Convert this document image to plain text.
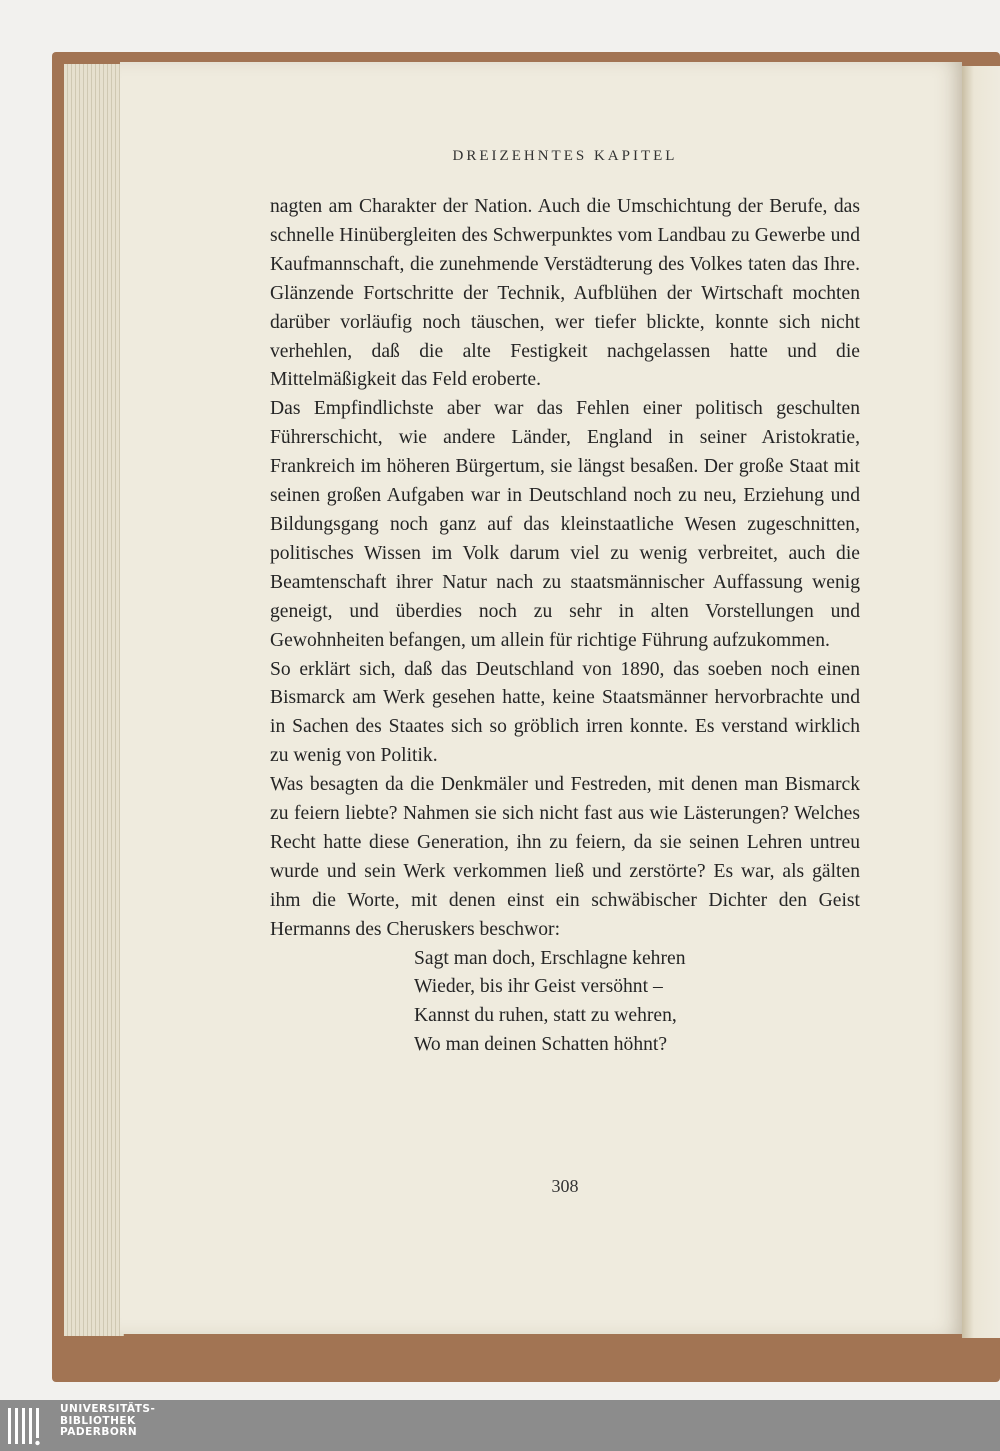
DREIZEHNTES KAPITEL

nagten am Charakter der Nation. Auch die Umschichtung der Berufe, das schnelle Hinübergleiten des Schwerpunktes vom Landbau zu Gewerbe und Kaufmannschaft, die zunehmende Verstädterung des Volkes taten das Ihre. Glänzende Fortschritte der Technik, Aufblühen der Wirtschaft mochten darüber vorläufig noch täuschen, wer tiefer blickte, konnte sich nicht verhehlen, daß die alte Festigkeit nachgelassen hatte und die Mittelmäßigkeit das Feld eroberte.

Das Empfindlichste aber war das Fehlen einer politisch geschulten Führerschicht, wie andere Länder, England in seiner Aristokratie, Frankreich im höheren Bürgertum, sie längst besaßen. Der große Staat mit seinen großen Aufgaben war in Deutschland noch zu neu, Erziehung und Bildungsgang noch ganz auf das kleinstaatliche Wesen zugeschnitten, politisches Wissen im Volk darum viel zu wenig verbreitet, auch die Beamtenschaft ihrer Natur nach zu staatsmännischer Auffassung wenig geneigt, und überdies noch zu sehr in alten Vorstellungen und Gewohnheiten befangen, um allein für richtige Führung aufzukommen.

So erklärt sich, daß das Deutschland von 1890, das soeben noch einen Bismarck am Werk gesehen hatte, keine Staatsmänner hervorbrachte und in Sachen des Staates sich so gröblich irren konnte. Es verstand wirklich zu wenig von Politik.

Was besagten da die Denkmäler und Festreden, mit denen man Bismarck zu feiern liebte? Nahmen sie sich nicht fast aus wie Lästerungen? Welches Recht hatte diese Generation, ihn zu feiern, da sie seinen Lehren untreu wurde und sein Werk verkommen ließ und zerstörte? Es war, als gälten ihm die Worte, mit denen einst ein schwäbischer Dichter den Geist Hermanns des Cheruskers beschwor:

Sagt man doch, Erschlagne kehren
Wieder, bis ihr Geist versöhnt –
Kannst du ruhen, statt zu wehren,
Wo man deinen Schatten höhnt?
308
UNIVERSITÄTS-
BIBLIOTHEK
PADERBORN
